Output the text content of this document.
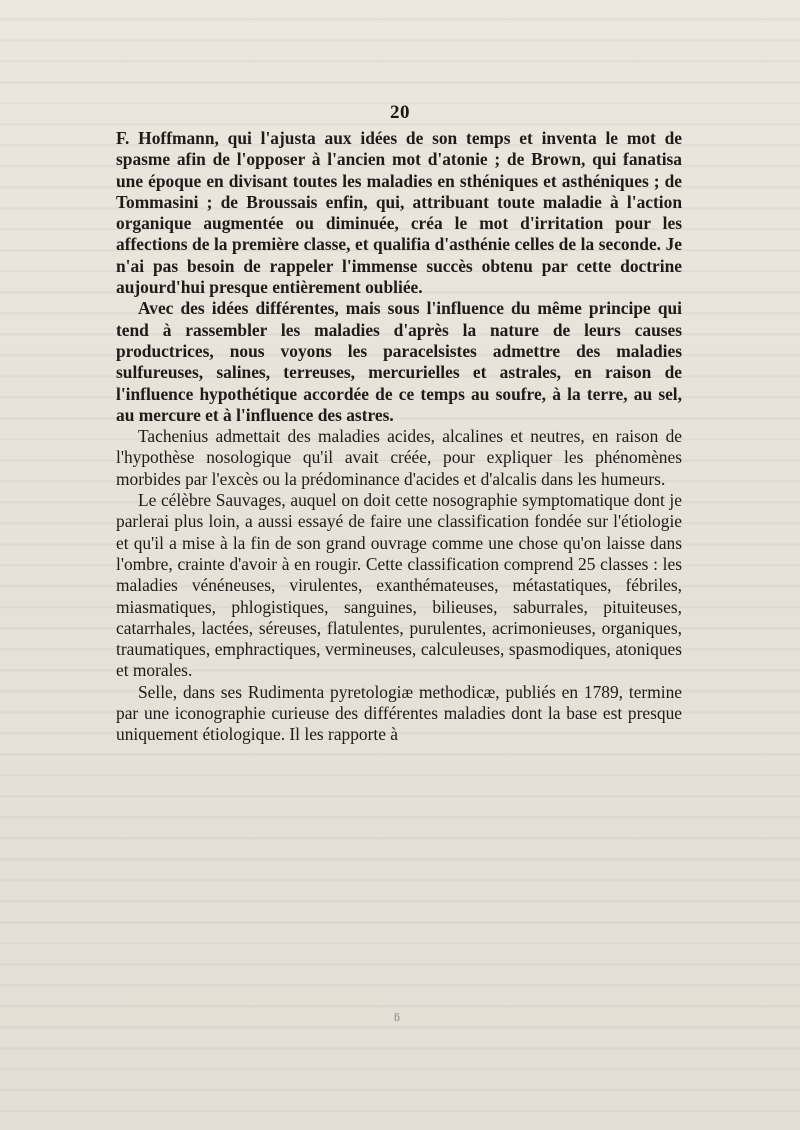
20

F. Hoffmann, qui l'ajusta aux idées de son temps et inventa le mot de spasme afin de l'opposer à l'ancien mot d'atonie ; de Brown, qui fanatisa une époque en divisant toutes les maladies en sthéniques et asthéniques ; de Tommasini ; de Broussais enfin, qui, attribuant toute maladie à l'action organique augmentée ou diminuée, créa le mot d'irritation pour les affections de la première classe, et qualifia d'asthénie celles de la seconde. Je n'ai pas besoin de rappeler l'immense succès obtenu par cette doctrine aujourd'hui presque entièrement oubliée.

Avec des idées différentes, mais sous l'influence du même principe qui tend à rassembler les maladies d'après la nature de leurs causes productrices, nous voyons les paracelsistes admettre des maladies sulfureuses, salines, terreuses, mercurielles et astrales, en raison de l'influence hypothétique accordée de ce temps au soufre, à la terre, au sel, au mercure et à l'influence des astres.

Tachenius admettait des maladies acides, alcalines et neutres, en raison de l'hypothèse nosologique qu'il avait créée, pour expliquer les phénomènes morbides par l'excès ou la prédominance d'acides et d'alcalis dans les humeurs.

Le célèbre Sauvages, auquel on doit cette nosographie symptomatique dont je parlerai plus loin, a aussi essayé de faire une classification fondée sur l'étiologie et qu'il a mise à la fin de son grand ouvrage comme une chose qu'on laisse dans l'ombre, crainte d'avoir à en rougir. Cette classification comprend 25 classes : les maladies vénéneuses, virulentes, exanthémateuses, métastatiques, fébriles, miasmatiques, phlogistiques, sanguines, bilieuses, saburrales, pituiteuses, catarrhales, lactées, séreuses, flatulentes, purulentes, acrimonieuses, organiques, traumatiques, emphractiques, vermineuses, calculeuses, spasmodiques, atoniques et morales.

Selle, dans ses Rudimenta pyretologiæ methodicæ, publiés en 1789, termine par une iconographie curieuse des différentes maladies dont la base est presque uniquement étiologique. Il les rapporte à

ƃ
